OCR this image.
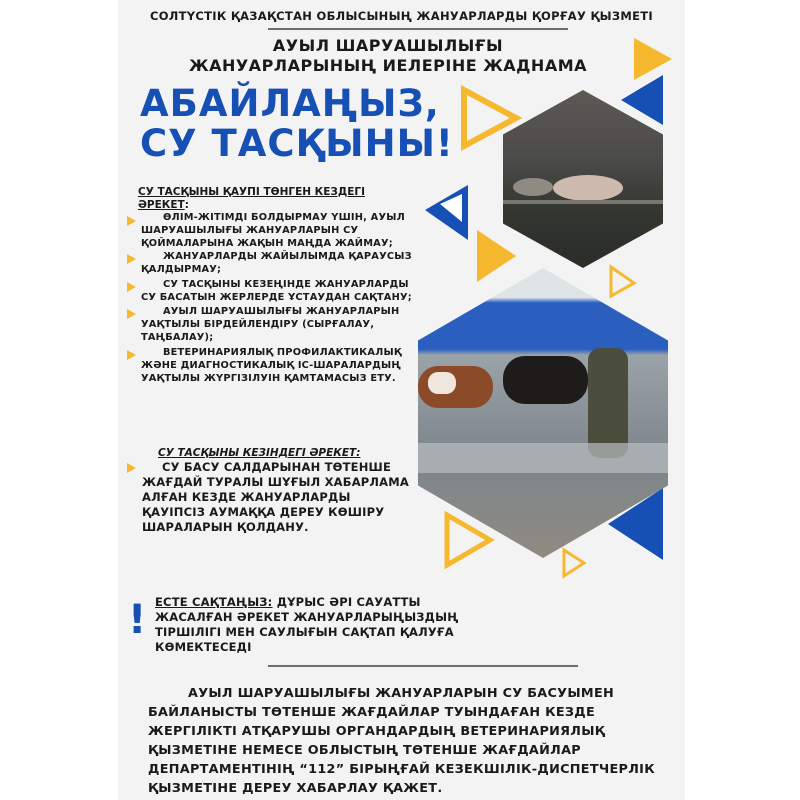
СОЛТҮСТІК ҚАЗАҚСТАН ОБЛЫСЫНЫҢ ЖАНУАРЛАРДЫ ҚОРҒАУ ҚЫЗМЕТІ
АУЫЛ ШАРУАШЫЛЫҒЫ
ЖАНУАРЛАРЫНЫҢ ИЕЛЕРІНЕ ЖАДНАМА
АБАЙЛАҢЫЗ,
СУ ТАСҚЫНЫ!
СУ ТАСҚЫНЫ ҚАУПІ ТӨНГЕН КЕЗДЕГІ
ӘРЕКЕТ:
ӨЛІМ-ЖІТІМДІ БОЛДЫРМАУ ҮШІН, АУЫЛ ШАРУАШЫЛЫҒЫ ЖАНУАРЛАРЫН СУ ҚОЙМАЛАРЫНА ЖАҚЫН МАҢДА ЖАЙМАУ;
ЖАНУАРЛАРДЫ ЖАЙЫЛЫМДА ҚАРАУСЫЗ ҚАЛДЫРМАУ;
СУ ТАСҚЫНЫ КЕЗЕҢІНДЕ ЖАНУАРЛАРДЫ СУ БАСАТЫН ЖЕРЛЕРДЕ ҰСТАУДАН САҚТАНУ;
АУЫЛ ШАРУАШЫЛЫҒЫ ЖАНУАРЛАРЫН УАҚТЫЛЫ БІРДЕЙЛЕНДІРУ (СЫРҒАЛАУ, ТАҢБАЛАУ);
ВЕТЕРИНАРИЯЛЫҚ ПРОФИЛАКТИКАЛЫҚ ЖӘНЕ ДИАГНОСТИКАЛЫҚ ІС-ШАРАЛАРДЫҢ УАҚТЫЛЫ ЖҮРГІЗІЛУІН ҚАМТАМАСЫЗ ЕТУ.
СУ ТАСҚЫНЫ КЕЗІНДЕГІ ӘРЕКЕТ:
СУ БАСУ САЛДАРЫНАН ТӨТЕНШЕ ЖАҒДАЙ ТУРАЛЫ ШҰҒЫЛ ХАБАРЛАМА АЛҒАН КЕЗДЕ ЖАНУАРЛАРДЫ ҚАУІПСІЗ АУМАҚҚА ДЕРЕУ КӨШІРУ ШАРАЛАРЫН ҚОЛДАНУ.
! ЕСТЕ САҚТАҢЫЗ: ДҰРЫС ӘРІ САУАТТЫ ЖАСАЛҒАН ӘРЕКЕТ ЖАНУАРЛАРЫҢЫЗДЫҢ ТІРШІЛІГІ МЕН САУЛЫҒЫН САҚТАП ҚАЛУҒА КӨМЕКТЕСЕДІ
АУЫЛ ШАРУАШЫЛЫҒЫ ЖАНУАРЛАРЫН СУ БАСУЫМЕН БАЙЛАНЫСТЫ ТӨТЕНШЕ ЖАҒДАЙЛАР ТУЫНДАҒАН КЕЗДЕ ЖЕРГІЛІКТІ АТҚАРУШЫ ОРГАНДАРДЫҢ ВЕТЕРИНАРИЯЛЫҚ ҚЫЗМЕТІНЕ НЕМЕСЕ ОБЛЫСТЫҢ ТӨТЕНШЕ ЖАҒДАЙЛАР ДЕПАРТАМЕНТІНІҢ “112” БІРЫҢҒАЙ КЕЗЕКШІЛІК-ДИСПЕТЧЕРЛІК ҚЫЗМЕТІНЕ ДЕРЕУ ХАБАРЛАУ ҚАЖЕТ.
